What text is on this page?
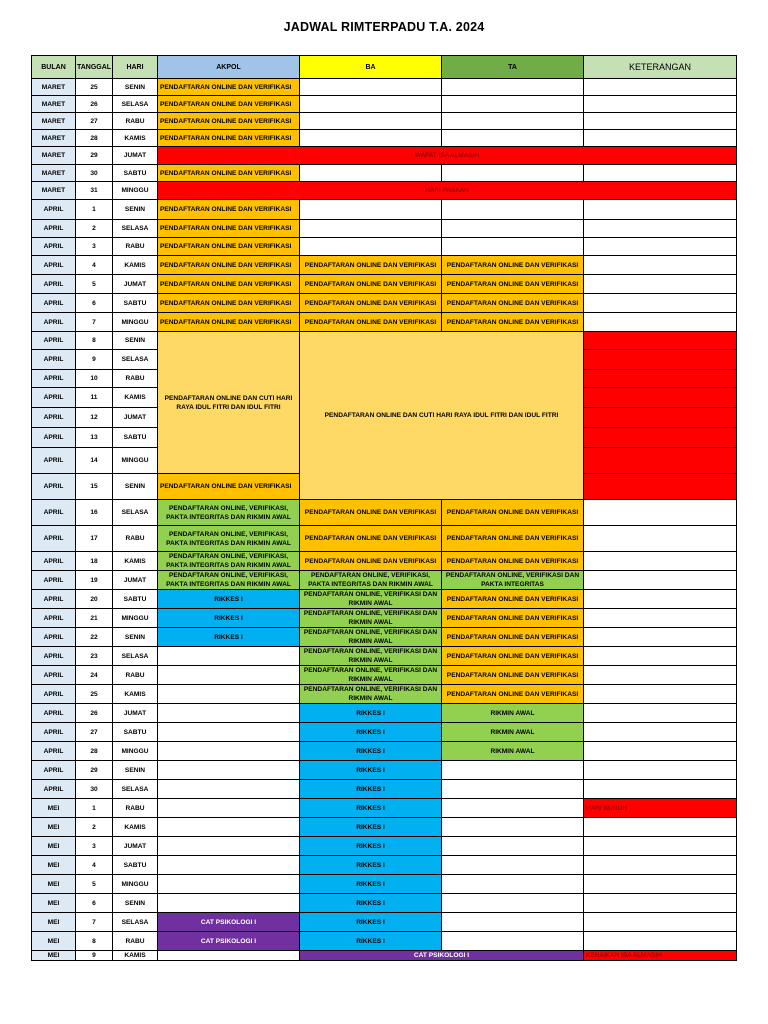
JADWAL RIMTERPADU T.A. 2024
BULAN	TANGGAL	HARI	AKPOL	BA	TA	KETERANGAN
MARET	25	SENIN	PENDAFTARAN ONLINE DAN VERIFIKASI			
MARET	26	SELASA	PENDAFTARAN ONLINE DAN VERIFIKASI			
MARET	27	RABU	PENDAFTARAN ONLINE DAN VERIFIKASI			
MARET	28	KAMIS	PENDAFTARAN ONLINE DAN VERIFIKASI			
MARET	29	JUMAT	WAFAT ISA ALMASIH			
MARET	30	SABTU	PENDAFTARAN ONLINE DAN VERIFIKASI			
MARET	31	MINGGU	HARI PASKAH			
APRIL	1	SENIN	PENDAFTARAN ONLINE DAN VERIFIKASI			
APRIL	2	SELASA	PENDAFTARAN ONLINE DAN VERIFIKASI			
APRIL	3	RABU	PENDAFTARAN ONLINE DAN VERIFIKASI			
APRIL	4	KAMIS	PENDAFTARAN ONLINE DAN VERIFIKASI	PENDAFTARAN ONLINE DAN VERIFIKASI	PENDAFTARAN ONLINE DAN VERIFIKASI	
APRIL	5	JUMAT	PENDAFTARAN ONLINE DAN VERIFIKASI	PENDAFTARAN ONLINE DAN VERIFIKASI	PENDAFTARAN ONLINE DAN VERIFIKASI	
APRIL	6	SABTU	PENDAFTARAN ONLINE DAN VERIFIKASI	PENDAFTARAN ONLINE DAN VERIFIKASI	PENDAFTARAN ONLINE DAN VERIFIKASI	
APRIL	7	MINGGU	PENDAFTARAN ONLINE DAN VERIFIKASI	PENDAFTARAN ONLINE DAN VERIFIKASI	PENDAFTARAN ONLINE DAN VERIFIKASI	
APRIL	8	SENIN	PENDAFTARAN ONLINE DAN CUTI HARI RAYA IDUL FITRI DAN IDUL FITRI	PENDAFTARAN ONLINE DAN CUTI HARI RAYA IDUL FITRI DAN IDUL FITRI		
APRIL	9	SELASA				
APRIL	10	RABU				
APRIL	11	KAMIS				
APRIL	12	JUMAT				
APRIL	13	SABTU				
APRIL	14	MINGGU				
APRIL	15	SENIN	PENDAFTARAN ONLINE DAN VERIFIKASI			
APRIL	16	SELASA	PENDAFTARAN ONLINE, VERIFIKASI, PAKTA INTEGRITAS DAN RIKMIN AWAL	PENDAFTARAN ONLINE DAN VERIFIKASI	PENDAFTARAN ONLINE DAN VERIFIKASI	
APRIL	17	RABU	PENDAFTARAN ONLINE, VERIFIKASI, PAKTA INTEGRITAS DAN RIKMIN AWAL	PENDAFTARAN ONLINE DAN VERIFIKASI	PENDAFTARAN ONLINE DAN VERIFIKASI	
APRIL	18	KAMIS	PENDAFTARAN ONLINE, VERIFIKASI, PAKTA INTEGRITAS DAN RIKMIN AWAL	PENDAFTARAN ONLINE DAN VERIFIKASI	PENDAFTARAN ONLINE DAN VERIFIKASI	
APRIL	19	JUMAT	PENDAFTARAN ONLINE, VERIFIKASI, PAKTA INTEGRITAS DAN RIKMIN AWAL	PENDAFTARAN ONLINE, VERIFIKASI, PAKTA INTEGRITAS DAN RIKMIN AWAL	PENDAFTARAN ONLINE, VERIFIKASI DAN PAKTA INTEGRITAS	
APRIL	20	SABTU	RIKKES I	PENDAFTARAN ONLINE, VERIFIKASI DAN RIKMIN AWAL	PENDAFTARAN ONLINE DAN VERIFIKASI	
APRIL	21	MINGGU	RIKKES I	PENDAFTARAN ONLINE, VERIFIKASI DAN RIKMIN AWAL	PENDAFTARAN ONLINE DAN VERIFIKASI	
APRIL	22	SENIN	RIKKES I	PENDAFTARAN ONLINE, VERIFIKASI DAN RIKMIN AWAL	PENDAFTARAN ONLINE DAN VERIFIKASI	
APRIL	23	SELASA		PENDAFTARAN ONLINE, VERIFIKASI DAN RIKMIN AWAL	PENDAFTARAN ONLINE DAN VERIFIKASI	
APRIL	24	RABU		PENDAFTARAN ONLINE, VERIFIKASI DAN RIKMIN AWAL	PENDAFTARAN ONLINE DAN VERIFIKASI	
APRIL	25	KAMIS		PENDAFTARAN ONLINE, VERIFIKASI DAN RIKMIN AWAL	PENDAFTARAN ONLINE DAN VERIFIKASI	
APRIL	26	JUMAT		RIKKES I	RIKMIN AWAL	
APRIL	27	SABTU		RIKKES I	RIKMIN AWAL	
APRIL	28	MINGGU		RIKKES I	RIKMIN AWAL	
APRIL	29	SENIN		RIKKES I		
APRIL	30	SELASA		RIKKES I		
MEI	1	RABU		RIKKES I		HARI BURUH
MEI	2	KAMIS		RIKKES I		
MEI	3	JUMAT		RIKKES I		
MEI	4	SABTU		RIKKES I		
MEI	5	MINGGU		RIKKES I		
MEI	6	SENIN		RIKKES I		
MEI	7	SELASA	CAT PSIKOLOGI I	RIKKES I		
MEI	8	RABU	CAT PSIKOLOGI I	RIKKES I		
MEI	9	KAMIS		CAT PSIKOLOGI I		KENAIKAN ISA ALMASIH
